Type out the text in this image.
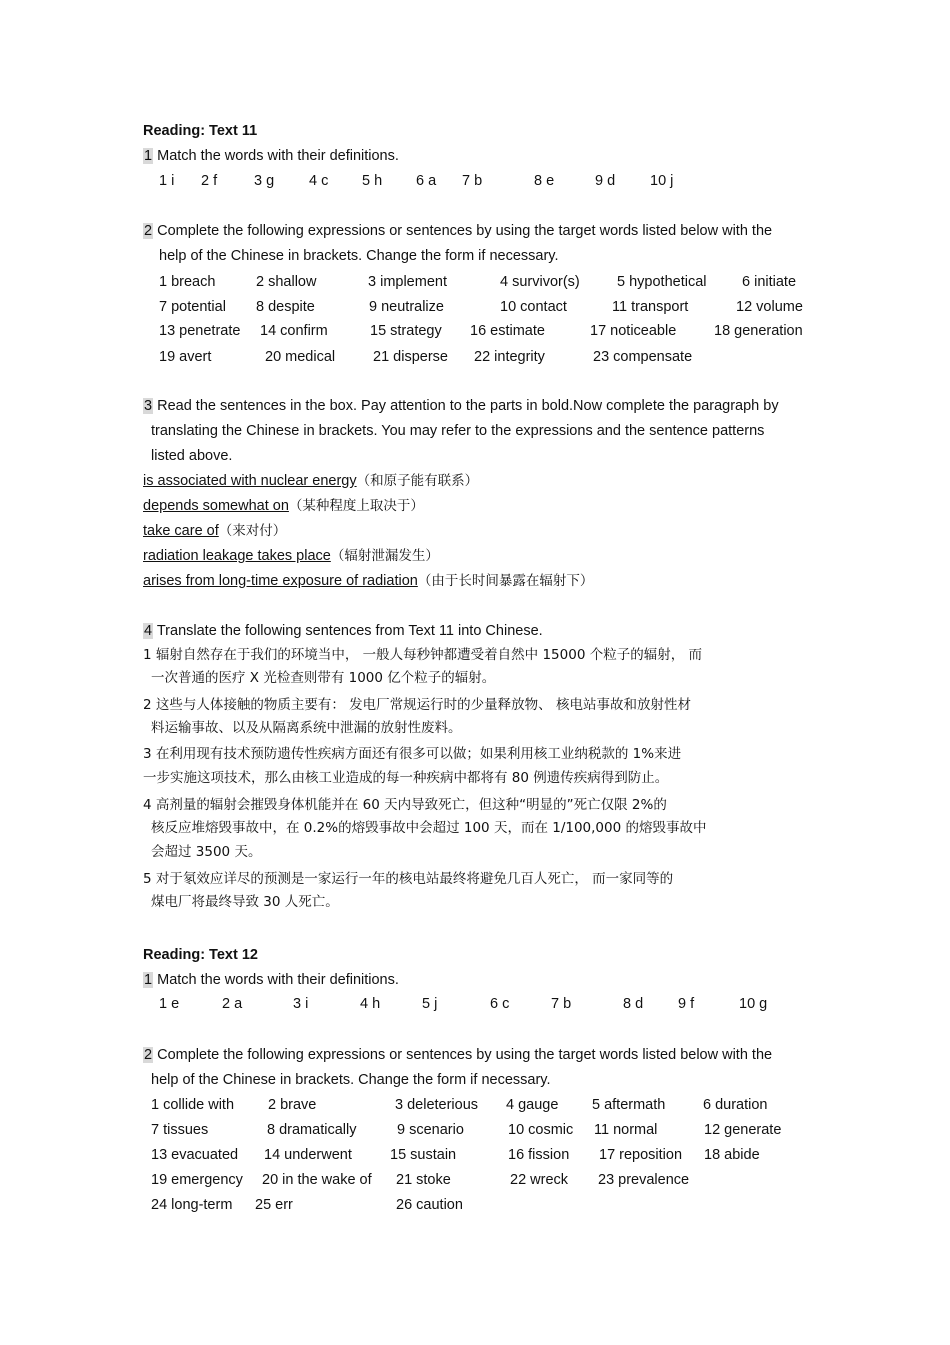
Reading: Text 11
1 Match the words with their definitions.
1 i 2 f	3 g 4 c 5 h 6 a 7 b	8 e	9 d 10 j
2 Complete the following expressions or sentences by using the target words listed below with the
help of the Chinese in brackets. Change the form if necessary.
1 breach	2 shallow	3 implement	4 survivor(s)	5 hypothetical 6 initiate
7 potential 8 despite	9 neutralize	10 contact	11 transport	12 volume
13 penetrate 14 confirm	15 strategy 16 estimate	17 noticeable	18 generation
19 avert	20 medical	21 disperse 22 integrity	23 compensate
3 Read the sentences in the box. Pay attention to the parts in bold.Now complete the paragraph by
translating the Chinese in brackets. You may refer to the expressions and the sentence patterns
listed above.
is associated with nuclear energy（和原子能有联系）
depends somewhat on（某种程度上取决于）
take care of（来对付）
radiation leakage takes place（辐射泄漏发生）
arises from long-time exposure of radiation（由于长时间暴露在辐射下）
4 Translate the following sentences from Text 11 into Chinese.
1 辐射自然存在于我们的环境当中， 一般人每秒钟都遭受着自然中 15000 个粒子的辐射， 而
一次普通的医疗 X 光检查则带有 1000 亿个粒子的辐射。
2 这些与人体接触的物质主要有： 发电厂常规运行时的少量释放物、 核电站事故和放射性材
料运输事故、以及从隔离系统中泄漏的放射性废料。
3 在利用现有技术预防遗传性疾病方面还有很多可以做；如果利用核工业纳税款的 1%来进
一步实施这项技术，那么由核工业造成的每一种疾病中都将有 80 例遗传疾病得到防止。
4 高剂量的辐射会摧毁身体机能并在 60 天内导致死亡，但这种“明显的”死亡仅限 2%的
核反应堆熔毁事故中，在 0.2%的熔毁事故中会超过 100 天，而在 1/100,000 的熔毁事故中
会超过 3500 天。
5 对于氡效应详尽的预测是一家运行一年的核电站最终将避免几百人死亡， 而一家同等的
煤电厂将最终导致 30 人死亡。
Reading: Text 12
1 Match the words with their definitions.
1 e	2 a	3 i	4 h	5 j	6 c	7 b	8 d 9 f	10 g
2 Complete the following expressions or sentences by using the target words listed below with the
help of the Chinese in brackets. Change the form if necessary.
1 collide with 2 brave	3 deleterious 4 gauge 5 aftermath	6 duration
7 tissues	8 dramatically	9 scenario	10 cosmic 11 normal	12 generate
13 evacuated 14 underwent	15 sustain	16 fission 17 reposition 18 abide
19 emergency 20 in the wake of 21 stoke	22 wreck 23 prevalence
24 long-term 25 err	26 caution
